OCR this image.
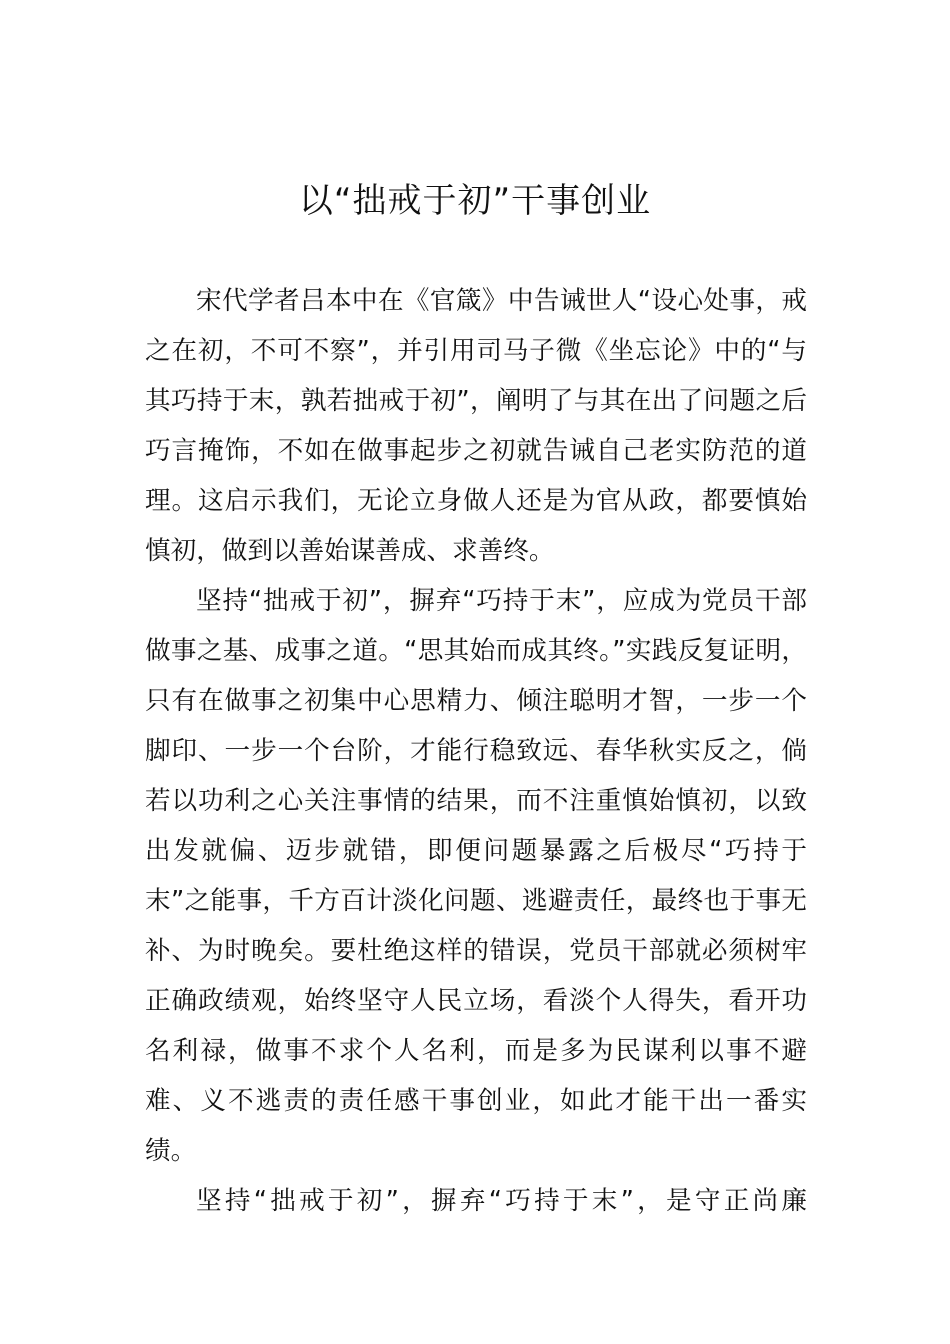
以“拙戒于初”干事创业

宋代学者吕本中在《官箴》中告诫世人“设心处事，戒之在初，不可不察”，并引用司马子微《坐忘论》中的“与其巧持于末，孰若拙戒于初”，阐明了与其在出了问题之后巧言掩饰，不如在做事起步之初就告诫自己老实防范的道理。这启示我们，无论立身做人还是为官从政，都要慎始慎初，做到以善始谋善成、求善终。

坚持“拙戒于初”，摒弃“巧持于末”，应成为党员干部做事之基、成事之道。“思其始而成其终。”实践反复证明，只有在做事之初集中心思精力、倾注聪明才智，一步一个脚印、一步一个台阶，才能行稳致远、春华秋实反之，倘若以功利之心关注事情的结果，而不注重慎始慎初，以致出发就偏、迈步就错，即便问题暴露之后极尽“巧持于末”之能事，千方百计淡化问题、逃避责任，最终也于事无补、为时晚矣。要杜绝这样的错误，党员干部就必须树牢正确政绩观，始终坚守人民立场，看淡个人得失，看开功名利禄，做事不求个人名利，而是多为民谋利以事不避难、义不逃责的责任感干事创业，如此才能干出一番实绩。

坚持“拙戒于初”，摒弃“巧持于末”，是守正尚廉
